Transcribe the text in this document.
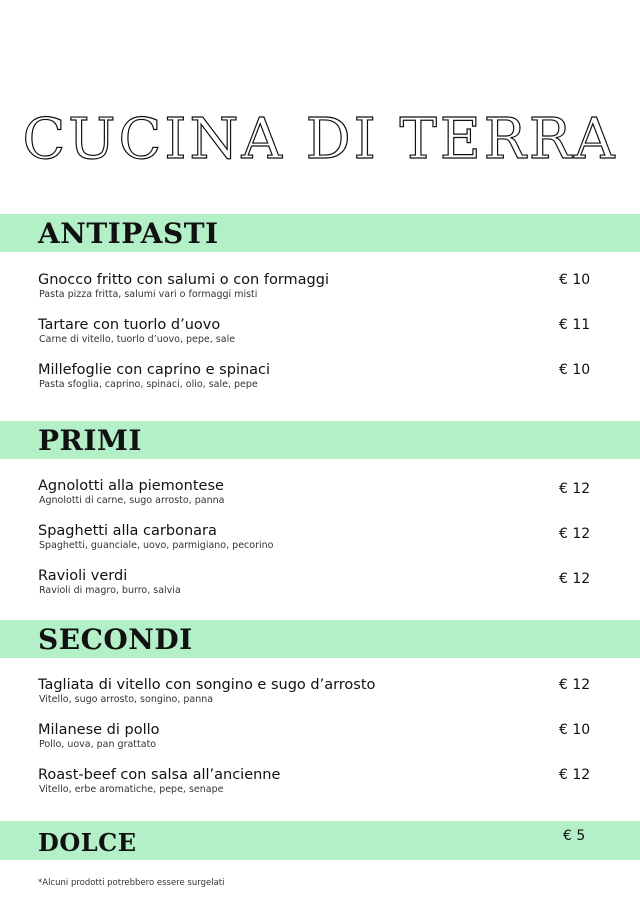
CUCINA DI TERRA
ANTIPASTI
Gnocco fritto con salumi o con formaggi
Pasta pizza fritta, salumi vari o formaggi misti
€ 10
Tartare con tuorlo d’uovo
Carne di vitello, tuorlo d’uovo, pepe, sale
€ 11
Millefoglie con caprino e spinaci
Pasta sfoglia, caprino, spinaci, olio, sale, pepe
€ 10
PRIMI
Agnolotti alla piemontese
Agnolotti di carne, sugo arrosto, panna
€ 12
Spaghetti alla carbonara
Spaghetti, guanciale, uovo, parmigiano, pecorino
€ 12
Ravioli verdi
Ravioli di magro, burro, salvia
€ 12
SECONDI
Tagliata di vitello con songino e sugo d’arrosto
Vitello, sugo arrosto, songino, panna
€ 12
Milanese di pollo
Pollo, uova, pan grattato
€ 10
Roast-beef con salsa all’ancienne
Vitello, erbe aromatiche, pepe, senape
€ 12
DOLCE	€ 5
*Alcuni prodotti potrebbero essere surgelati
